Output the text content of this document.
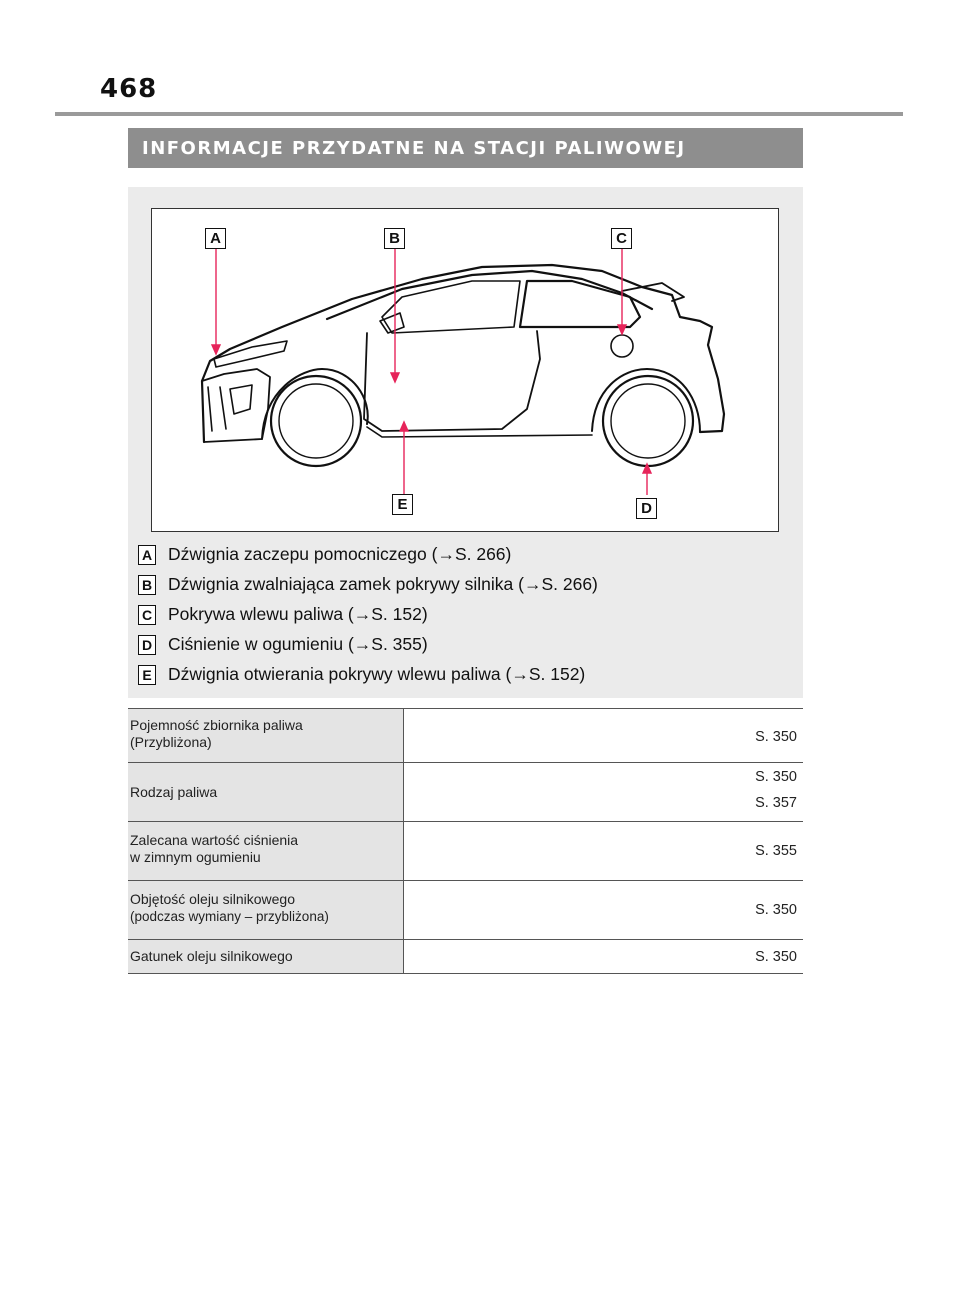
468
INFORMACJE PRZYDATNE NA STACJI PALIWOWEJ
A	B	C
D
E
A Dźwignia zaczepu pomocniczego (→S. 266)
B Dźwignia zwalniająca zamek pokrywy silnika (→S. 266)
C Pokrywa wlewu paliwa (→S. 152)
D Ciśnienie w ogumieniu (→S. 355)
E Dźwignia otwierania pokrywy wlewu paliwa (→S. 152)
Pojemność zbiornika paliwa
(Przybliżona)	S. 350
Rodzaj paliwa
S. 350
S. 357
Zalecana wartość ciśnienia
w zimnym ogumieniu	S. 355
Objętość oleju silnikowego
(podczas wymiany – przybliżona)	S. 350
Gatunek oleju silnikowego	S. 350
